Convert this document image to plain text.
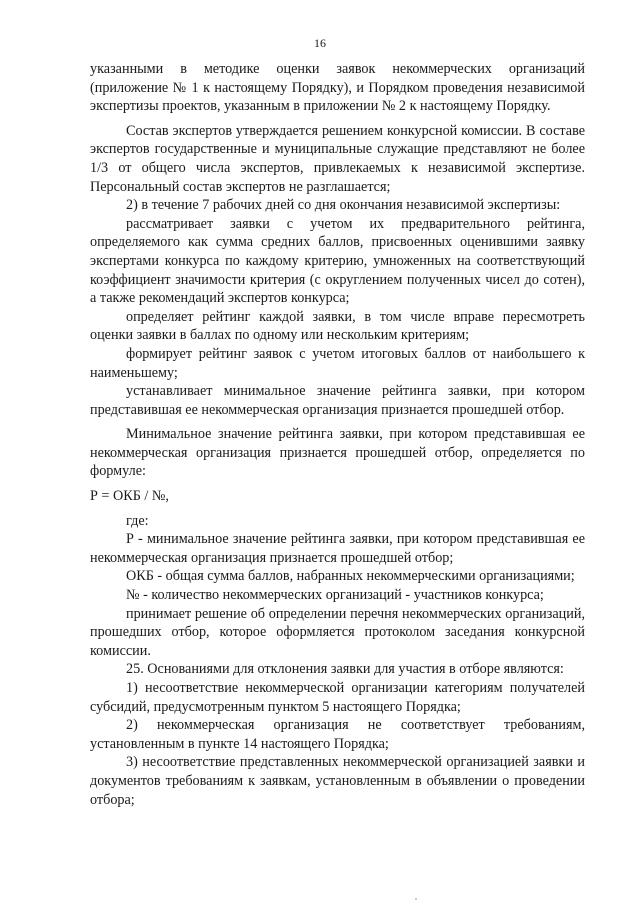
16

указанными в методике оценки заявок некоммерческих организаций (приложение № 1 к настоящему Порядку), и Порядком проведения независимой экспертизы проектов, указанным в приложении № 2 к настоящему Порядку.

Состав экспертов утверждается решением конкурсной комиссии. В составе экспертов государственные и муниципальные служащие представляют не более 1/3 от общего числа экспертов, привлекаемых к независимой экспертизе. Персональный состав экспертов не разглашается;

2) в течение 7 рабочих дней со дня окончания независимой экспертизы:

рассматривает заявки с учетом их предварительного рейтинга, определяемого как сумма средних баллов, присвоенных оценившими заявку экспертами конкурса по каждому критерию, умноженных на соответствующий коэффициент значимости критерия (с округлением полученных чисел до сотен), а также рекомендаций экспертов конкурса;

определяет рейтинг каждой заявки, в том числе вправе пересмотреть оценки заявки в баллах по одному или нескольким критериям;

формирует рейтинг заявок с учетом итоговых баллов от наибольшего к наименьшему;

устанавливает минимальное значение рейтинга заявки, при котором представившая ее некоммерческая организация признается прошедшей отбор.

Минимальное значение рейтинга заявки, при котором представившая ее некоммерческая организация признается прошедшей отбор, определяется по формуле:

Р = ОКБ / №,

где:

Р - минимальное значение рейтинга заявки, при котором представившая ее некоммерческая организация признается прошедшей отбор;

ОКБ - общая сумма баллов, набранных некоммерческими организациями;

№ - количество некоммерческих организаций - участников конкурса;

принимает решение об определении перечня некоммерческих организаций, прошедших отбор, которое оформляется протоколом заседания конкурсной комиссии.

25. Основаниями для отклонения заявки для участия в отборе являются:

1) несоответствие некоммерческой организации категориям получателей субсидий, предусмотренным пунктом 5 настоящего Порядка;

2) некоммерческая организация не соответствует требованиям, установленным в пункте 14 настоящего Порядка;

3) несоответствие представленных некоммерческой организацией заявки и документов требованиям к заявкам, установленным в объявлении о проведении отбора;
